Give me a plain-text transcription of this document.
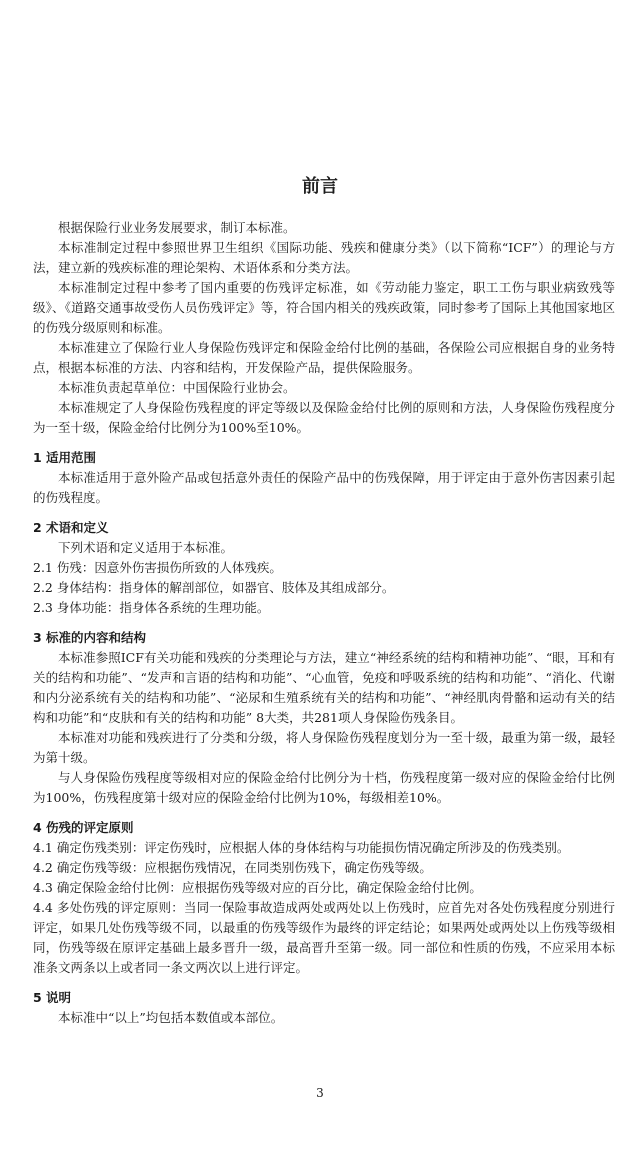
前言

根据保险行业业务发展要求，制订本标准。

本标准制定过程中参照世界卫生组织《国际功能、残疾和健康分类》（以下简称“ICF”）的理论与方法，建立新的残疾标准的理论架构、术语体系和分类方法。

本标准制定过程中参考了国内重要的伤残评定标准，如《劳动能力鉴定，职工工伤与职业病致残等级》、《道路交通事故受伤人员伤残评定》等，符合国内相关的残疾政策，同时参考了国际上其他国家地区的伤残分级原则和标准。

本标准建立了保险行业人身保险伤残评定和保险金给付比例的基础，各保险公司应根据自身的业务特点，根据本标准的方法、内容和结构，开发保险产品，提供保险服务。

本标准负责起草单位：中国保险行业协会。

本标准规定了人身保险伤残程度的评定等级以及保险金给付比例的原则和方法，人身保险伤残程度分为一至十级，保险金给付比例分为100%至10%。

1 适用范围

本标准适用于意外险产品或包括意外责任的保险产品中的伤残保障，用于评定由于意外伤害因素引起的伤残程度。

2 术语和定义

下列术语和定义适用于本标准。

2.1 伤残：因意外伤害损伤所致的人体残疾。

2.2 身体结构：指身体的解剖部位，如器官、肢体及其组成部分。

2.3 身体功能：指身体各系统的生理功能。

3 标准的内容和结构

本标准参照ICF有关功能和残疾的分类理论与方法，建立“神经系统的结构和精神功能”、“眼，耳和有关的结构和功能”、“发声和言语的结构和功能”、“心血管，免疫和呼吸系统的结构和功能”、“消化、代谢和内分泌系统有关的结构和功能”、“泌尿和生殖系统有关的结构和功能”、“神经肌肉骨骼和运动有关的结构和功能”和“皮肤和有关的结构和功能” 8大类，共281项人身保险伤残条目。

本标准对功能和残疾进行了分类和分级，将人身保险伤残程度划分为一至十级，最重为第一级，最轻为第十级。

与人身保险伤残程度等级相对应的保险金给付比例分为十档，伤残程度第一级对应的保险金给付比例为100%，伤残程度第十级对应的保险金给付比例为10%，每级相差10%。

4 伤残的评定原则

4.1 确定伤残类别：评定伤残时，应根据人体的身体结构与功能损伤情况确定所涉及的伤残类别。

4.2 确定伤残等级：应根据伤残情况，在同类别伤残下，确定伤残等级。

4.3 确定保险金给付比例：应根据伤残等级对应的百分比，确定保险金给付比例。

4.4 多处伤残的评定原则：当同一保险事故造成两处或两处以上伤残时，应首先对各处伤残程度分别进行评定，如果几处伤残等级不同，以最重的伤残等级作为最终的评定结论；如果两处或两处以上伤残等级相同，伤残等级在原评定基础上最多晋升一级，最高晋升至第一级。同一部位和性质的伤残，不应采用本标准条文两条以上或者同一条文两次以上进行评定。

5 说明

本标准中“以上”均包括本数值或本部位。

3
